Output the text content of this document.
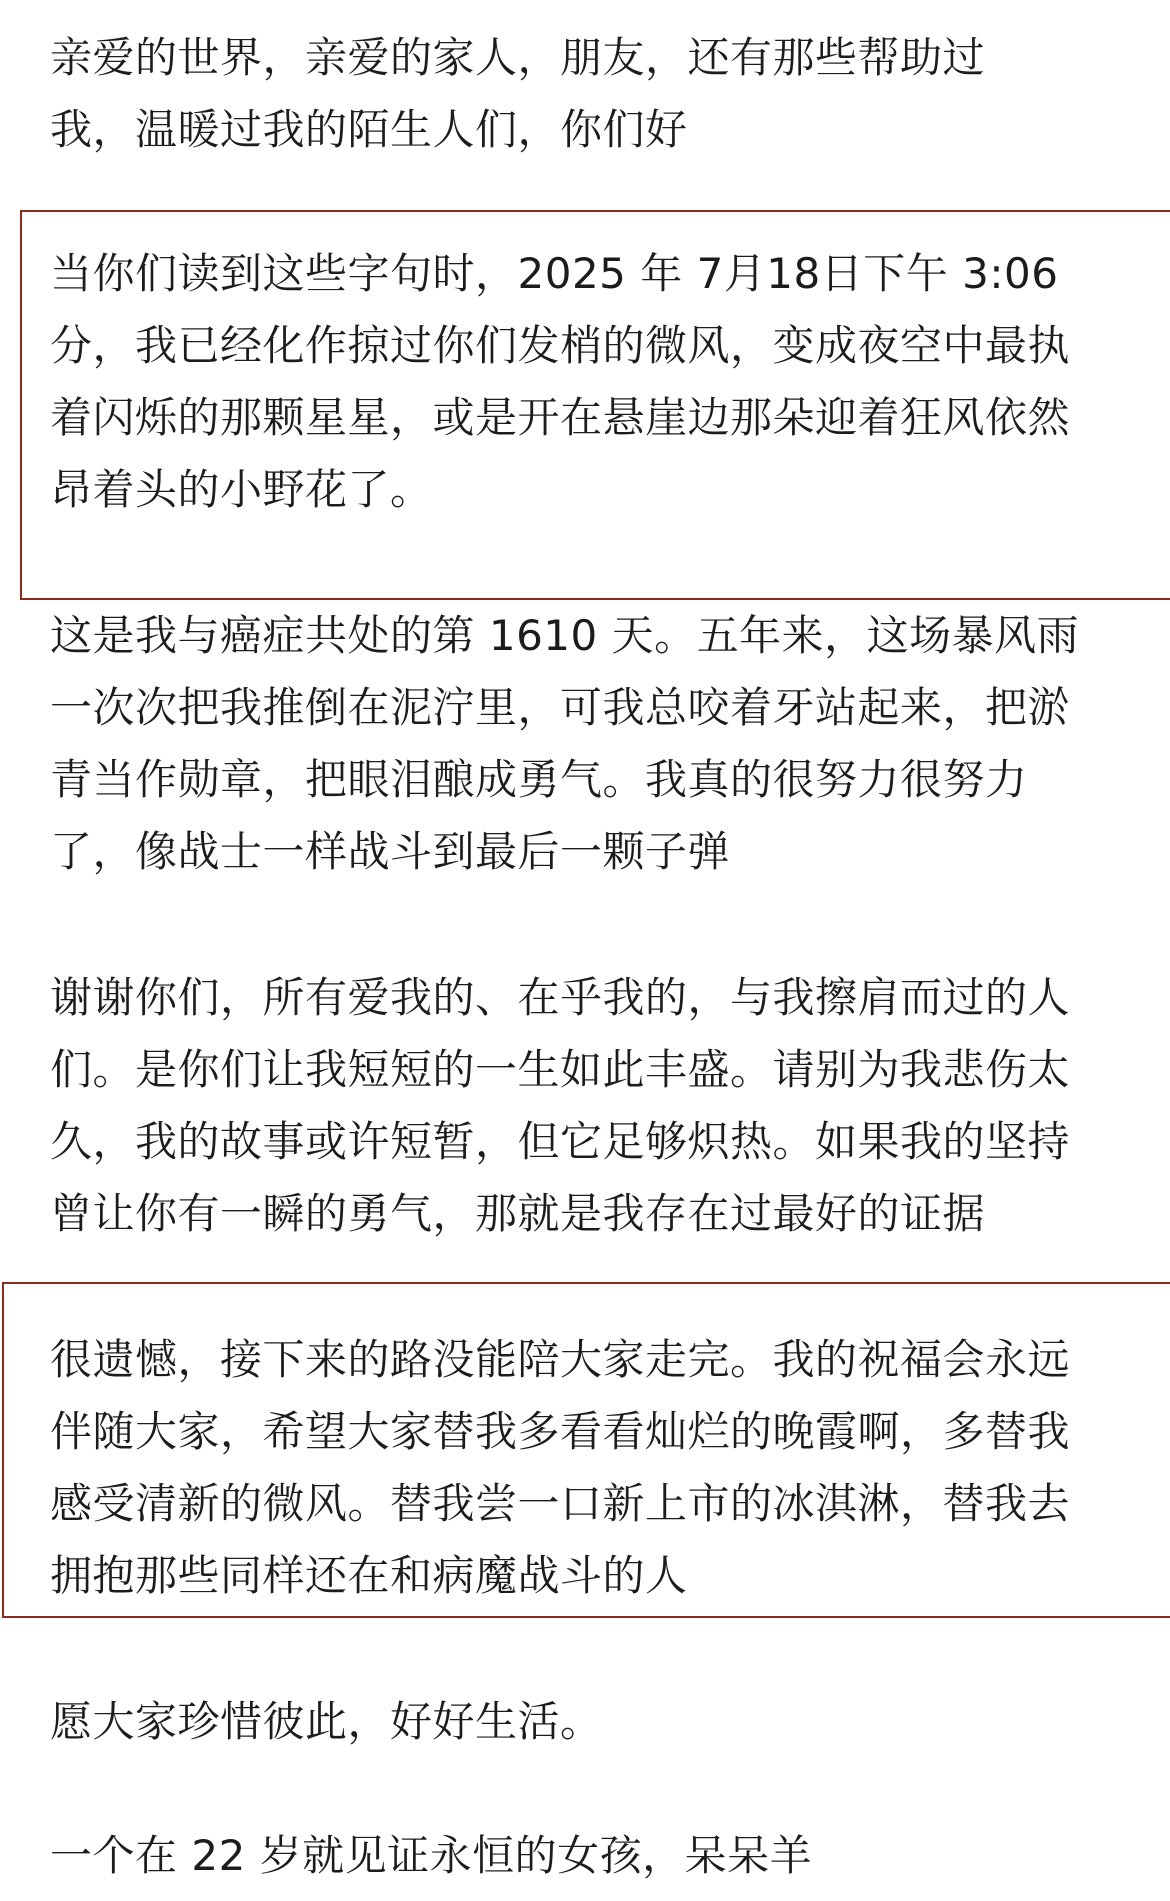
亲爱的世界，亲爱的家人，朋友，还有那些帮助过
我，温暖过我的陌生人们，你们好

当你们读到这些字句时，2025 年 7月18日下午 3:06
分，我已经化作掠过你们发梢的微风，变成夜空中最执
着闪烁的那颗星星，或是开在悬崖边那朵迎着狂风依然
昂着头的小野花了。

这是我与癌症共处的第 1610 天。五年来，这场暴风雨
一次次把我推倒在泥泞里，可我总咬着牙站起来，把淤
青当作勋章，把眼泪酿成勇气。我真的很努力很努力
了，像战士一样战斗到最后一颗子弹

谢谢你们，所有爱我的、在乎我的，与我擦肩而过的人
们。是你们让我短短的一生如此丰盛。请别为我悲伤太
久，我的故事或许短暂，但它足够炽热。如果我的坚持
曾让你有一瞬的勇气，那就是我存在过最好的证据

很遗憾，接下来的路没能陪大家走完。我的祝福会永远
伴随大家，希望大家替我多看看灿烂的晚霞啊，多替我
感受清新的微风。替我尝一口新上市的冰淇淋，替我去
拥抱那些同样还在和病魔战斗的人

愿大家珍惜彼此，好好生活。

一个在 22 岁就见证永恒的女孩，呆呆羊
